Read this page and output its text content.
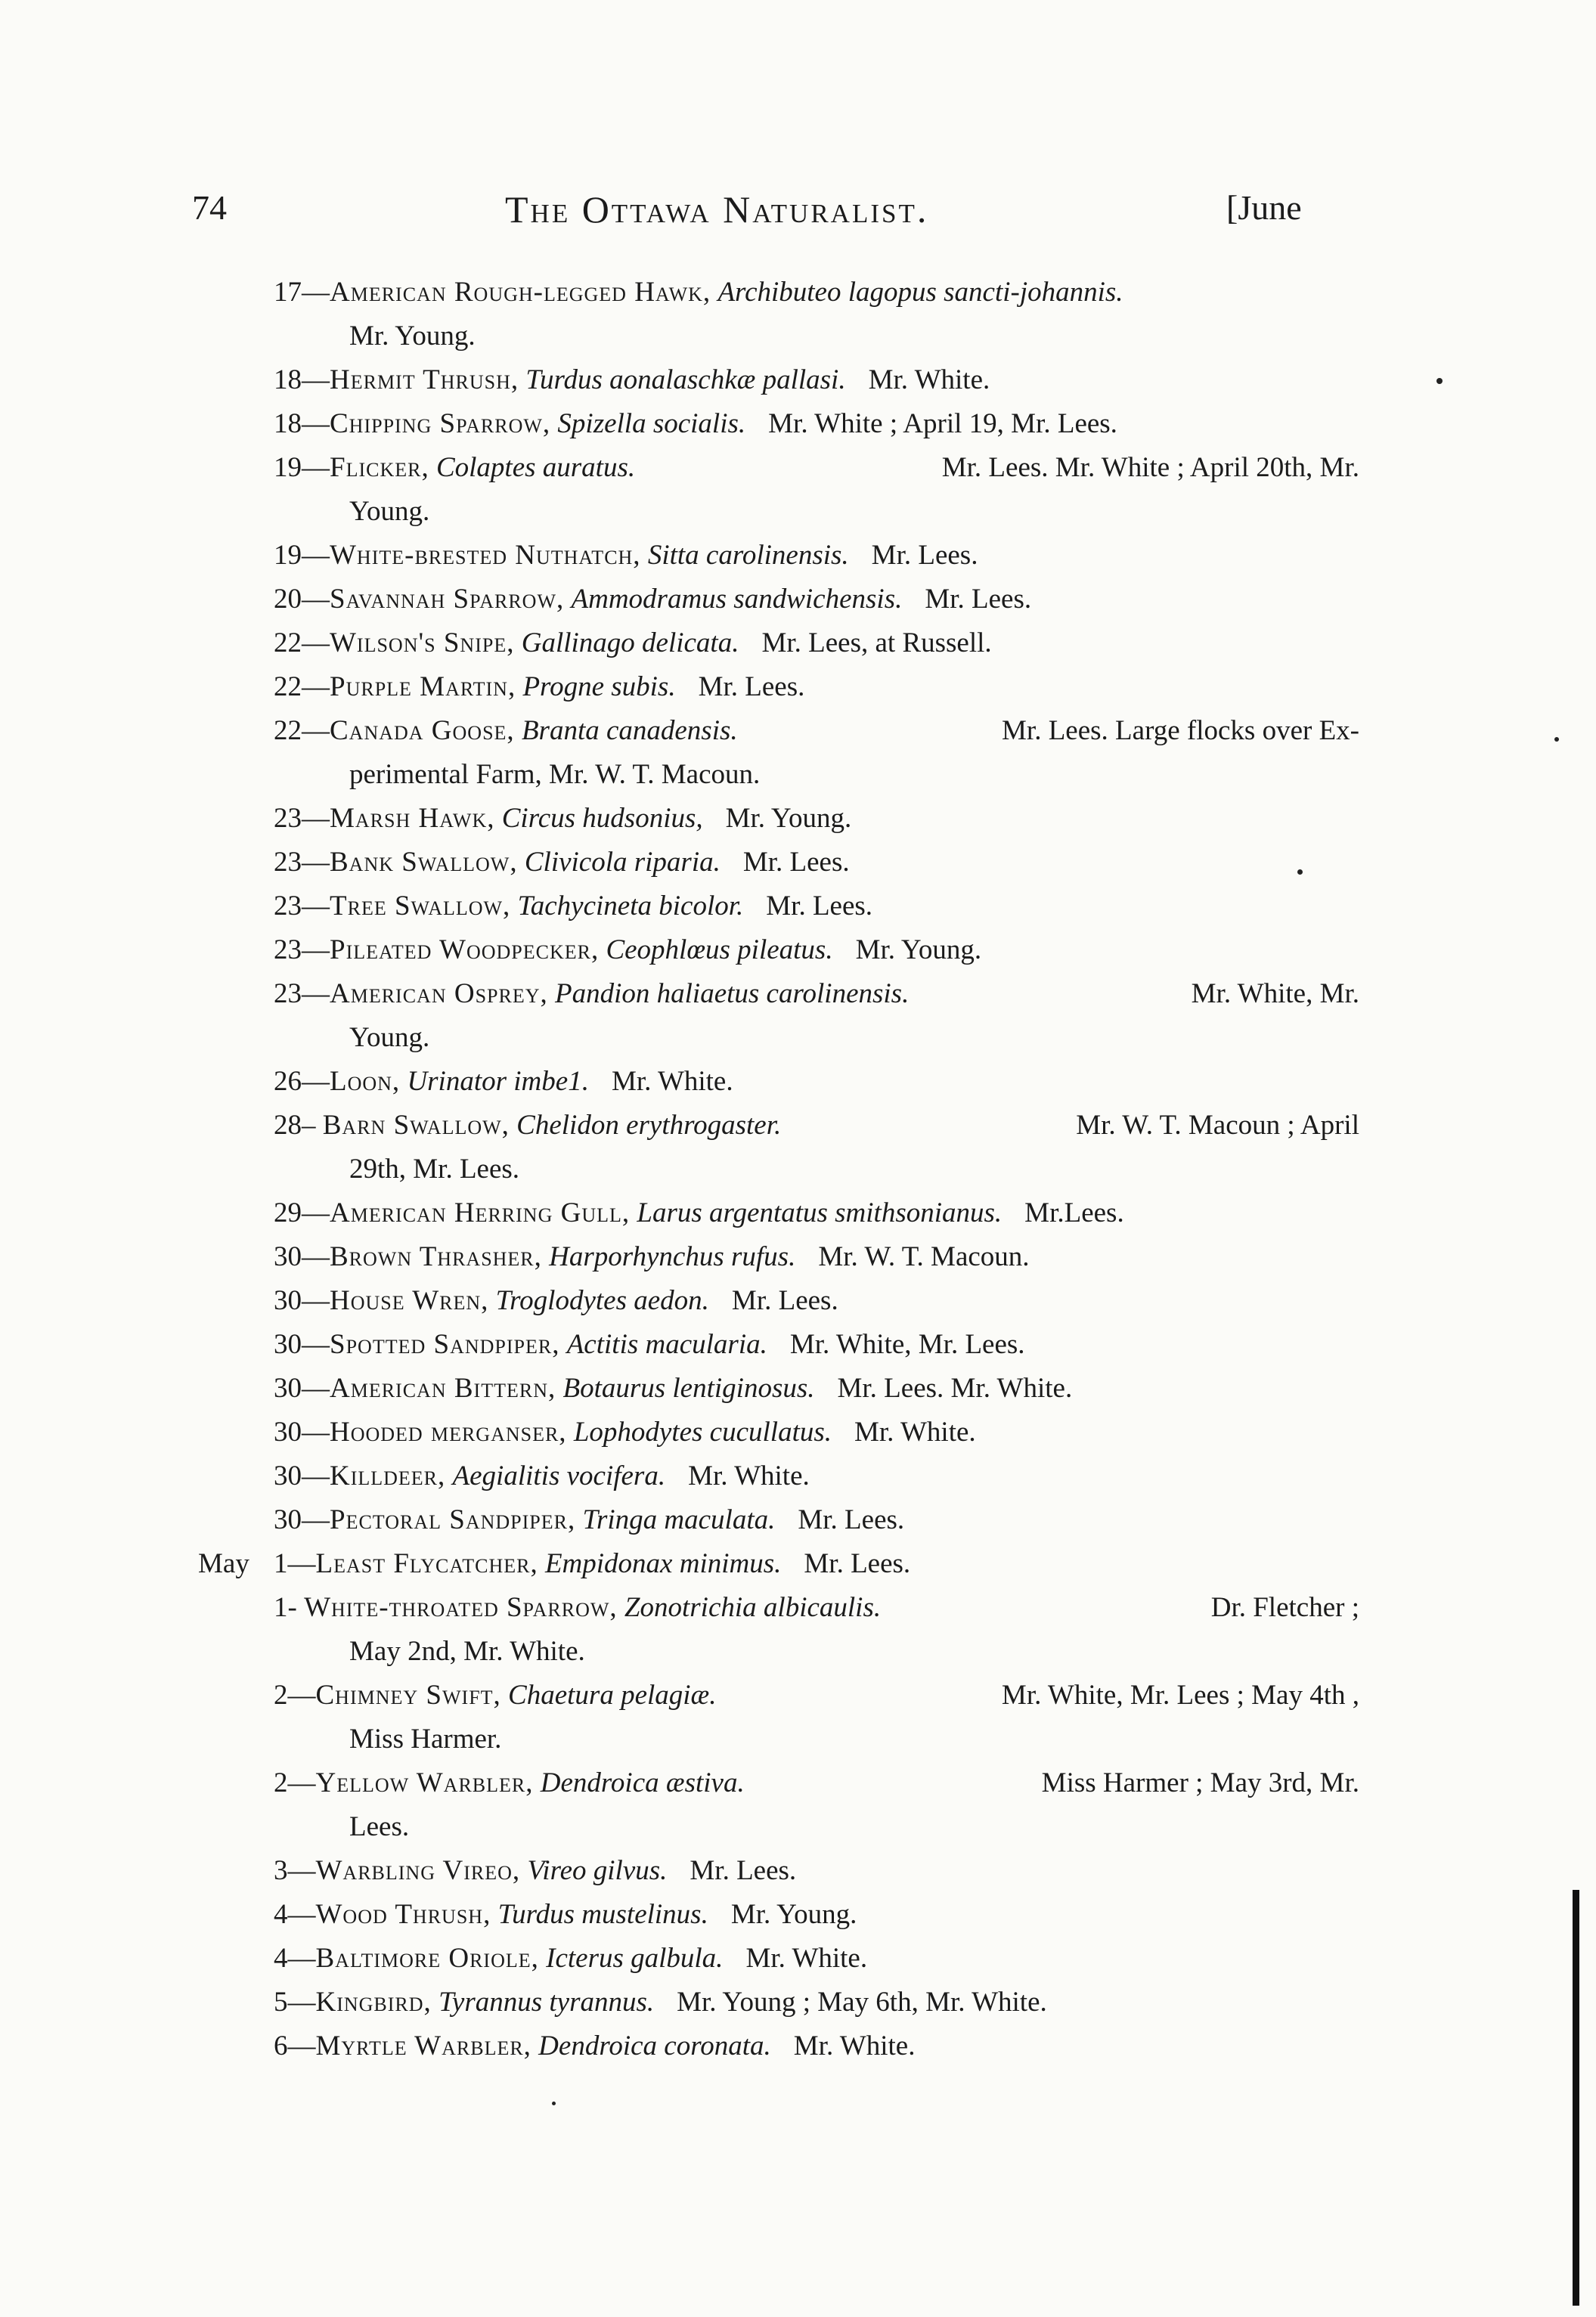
74	The Ottawa Naturalist.	[June
17—American Rough-legged Hawk, Archibuteo lagopus sancti-johannis.
Mr. Young.
18—Hermit Thrush, Turdus aonalaschkæ pallasi. Mr. White.
18—Chipping Sparrow, Spizella socialis. Mr. White ; April 19, Mr. Lees.
19—Flicker, Colaptes auratus.	Mr. Lees. Mr. White ; April 20th, Mr.
Young.
19—White-brested Nuthatch, Sitta carolinensis. Mr. Lees.
20—Savannah Sparrow, Ammodramus sandwichensis. Mr. Lees.
22—Wilson's Snipe, Gallinago delicata. Mr. Lees, at Russell.
22—Purple Martin, Progne subis. Mr. Lees.
22—Canada Goose, Branta canadensis.	Mr. Lees. Large flocks over Ex-
perimental Farm, Mr. W. T. Macoun.
23—Marsh Hawk, Circus hudsonius, Mr. Young.
23—Bank Swallow, Clivicola riparia. Mr. Lees.
23—Tree Swallow, Tachycineta bicolor. Mr. Lees.
23—Pileated Woodpecker, Ceophlœus pileatus. Mr. Young.
23—American Osprey, Pandion haliaetus carolinensis.	Mr. White, Mr.
Young.
26—Loon, Urinator imbe1. Mr. White.
28– Barn Swallow, Chelidon erythrogaster.	Mr. W. T. Macoun ; April
29th, Mr. Lees.
29—American Herring Gull, Larus argentatus smithsonianus. Mr.Lees.
30—Brown Thrasher, Harporhynchus rufus. Mr. W. T. Macoun.
30—House Wren, Troglodytes aedon. Mr. Lees.
30—Spotted Sandpiper, Actitis macularia. Mr. White, Mr. Lees.
30—American Bittern, Botaurus lentiginosus. Mr. Lees. Mr. White.
30—Hooded merganser, Lophodytes cucullatus. Mr. White.
30—Killdeer, Aegialitis vocifera. Mr. White.
30—Pectoral Sandpiper, Tringa maculata. Mr. Lees.
May 1—Least Flycatcher, Empidonax minimus. Mr. Lees.
1- White-throated Sparrow, Zonotrichia albicaulis.	Dr. Fletcher ;
May 2nd, Mr. White.
2—Chimney Swift, Chaetura pelagiæ.	Mr. White, Mr. Lees ; May 4th ,
Miss Harmer.
2—Yellow Warbler, Dendroica æstiva.	Miss Harmer ; May 3rd, Mr.
Lees.
3—Warbling Vireo, Vireo gilvus. Mr. Lees.
4—Wood Thrush, Turdus mustelinus. Mr. Young.
4—Baltimore Oriole, Icterus galbula. Mr. White.
5—Kingbird, Tyrannus tyrannus. Mr. Young ; May 6th, Mr. White.
6—Myrtle Warbler, Dendroica coronata. Mr. White.
